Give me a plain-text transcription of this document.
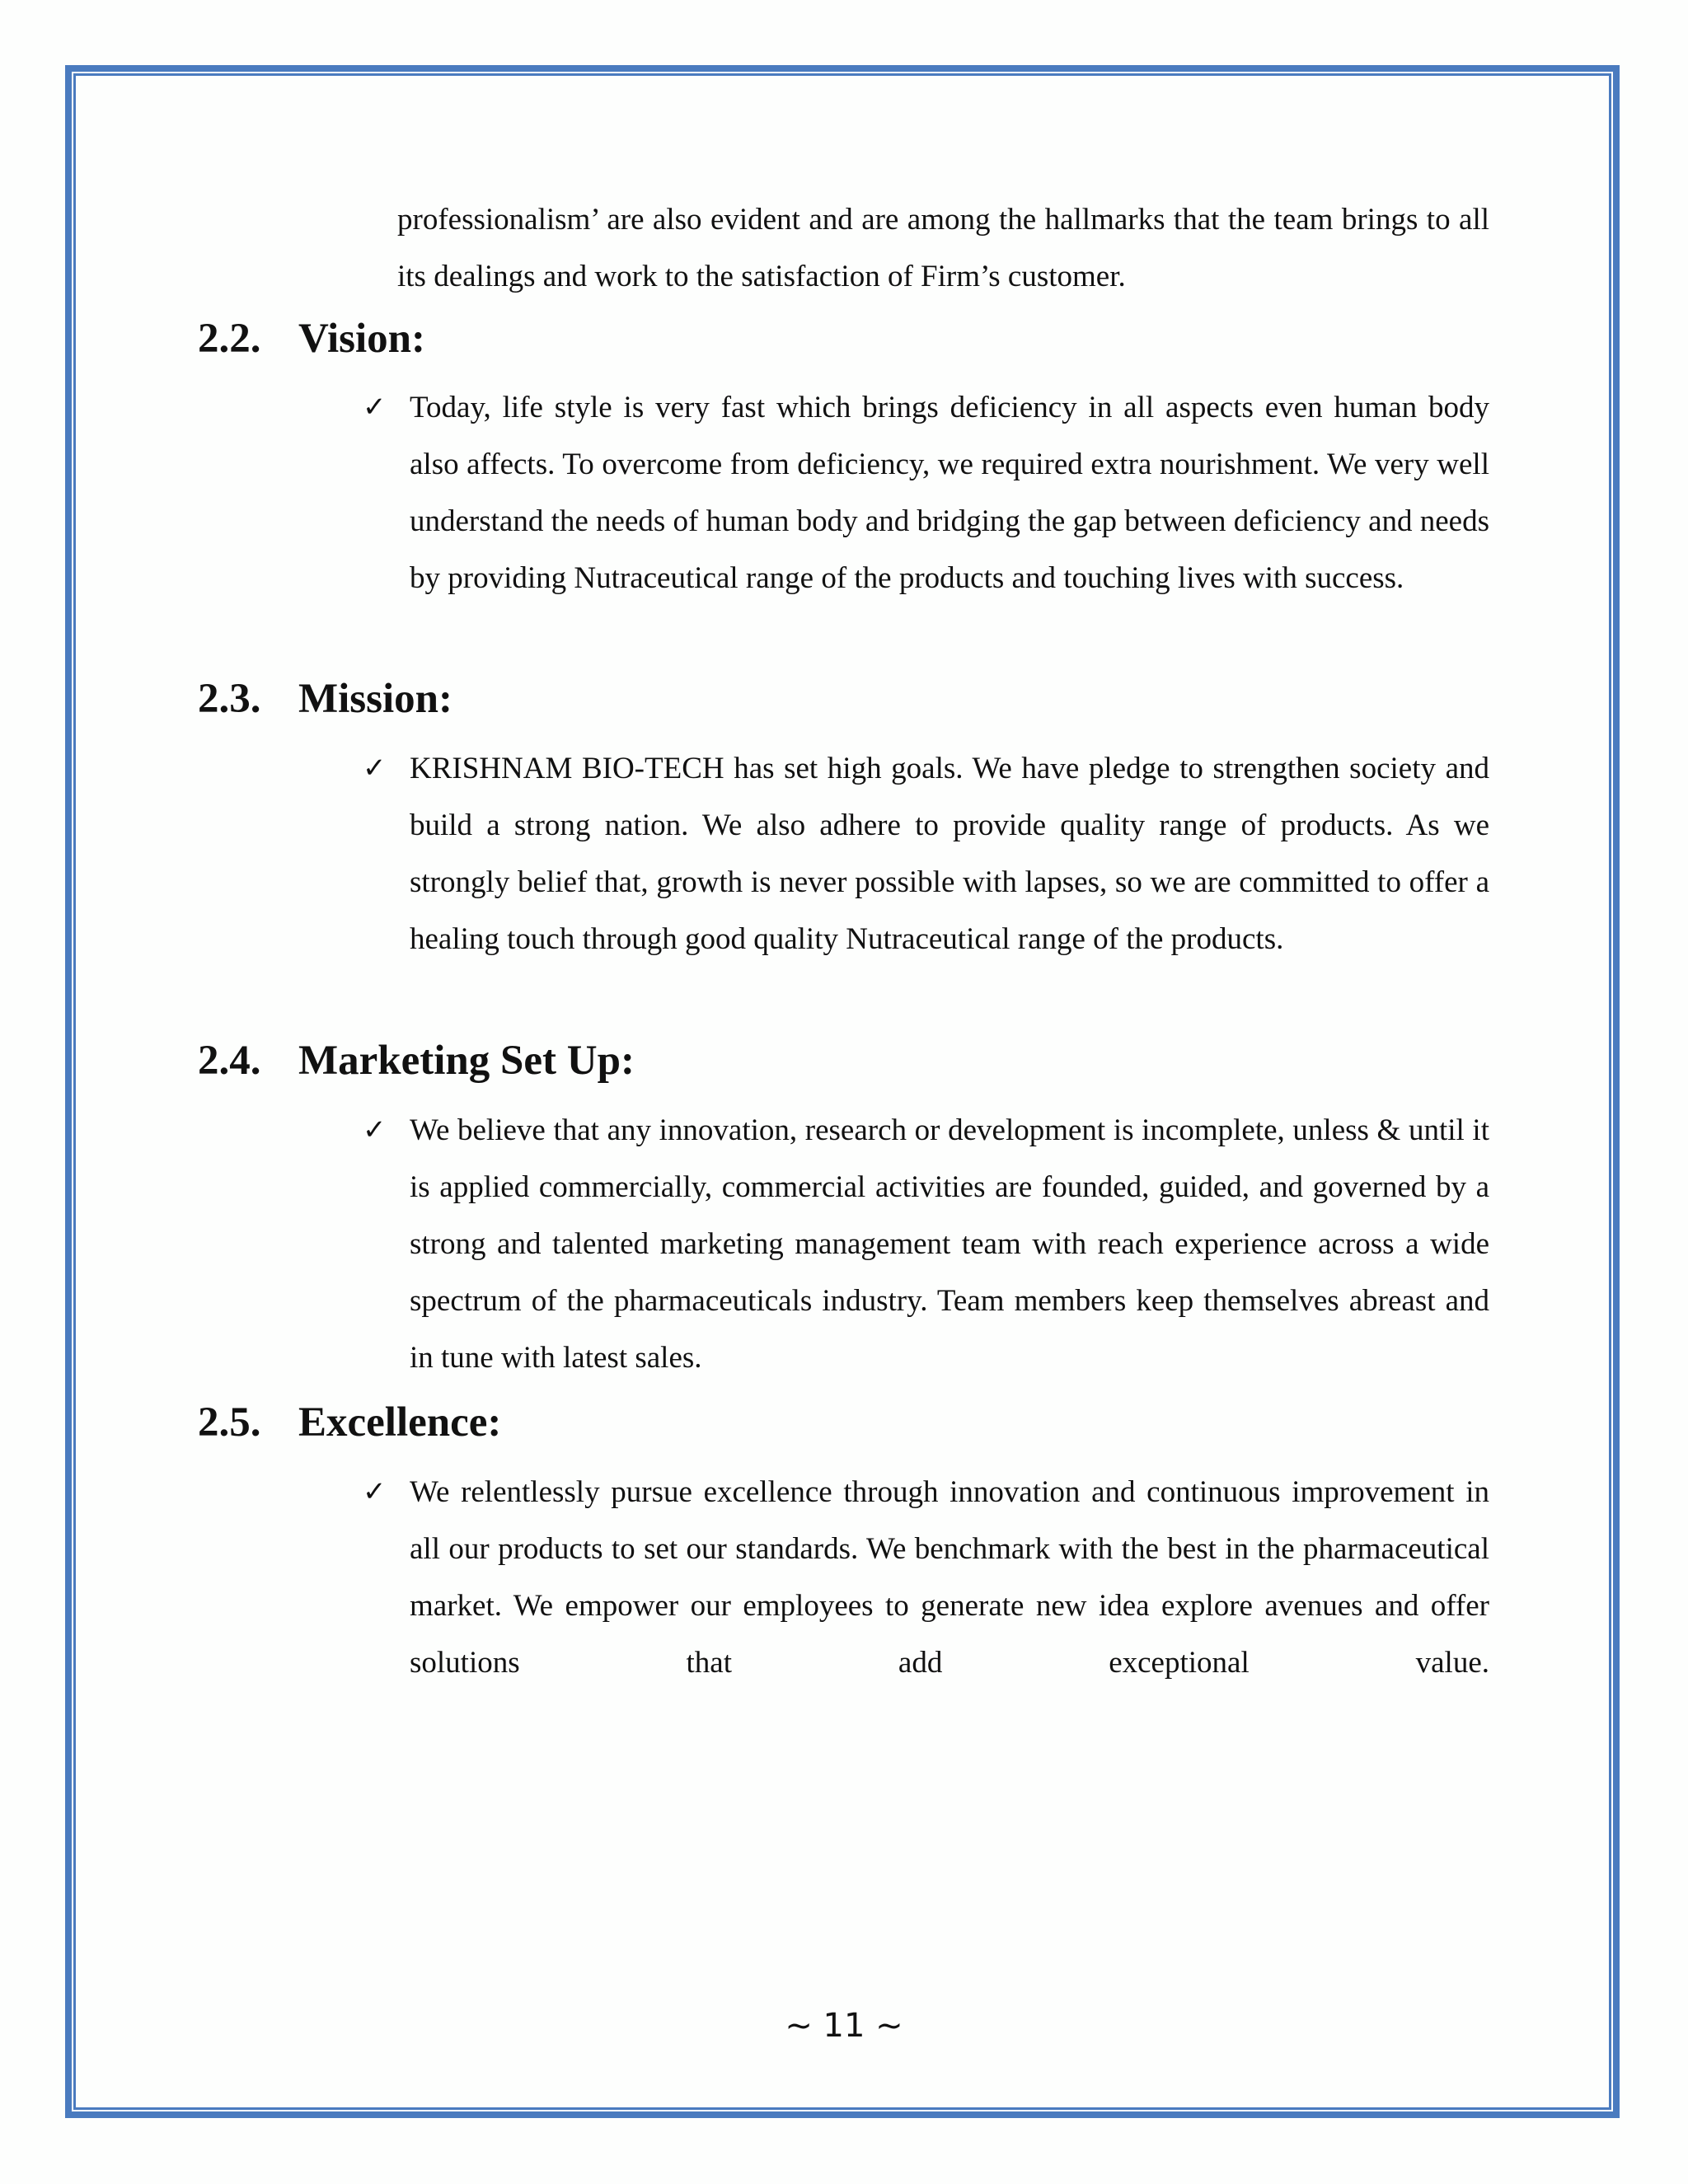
professionalism’ are also evident and are among the hallmarks that the team brings to all its dealings and work to the satisfaction of Firm’s customer.

2.2. Vision:
✓ Today, life style is very fast which brings deficiency in all aspects even human body also affects. To overcome from deficiency, we required extra nourishment. We very well understand the needs of human body and bridging the gap between deficiency and needs by providing Nutraceutical range of the products and touching lives with success.

2.3. Mission:
✓ KRISHNAM BIO-TECH has set high goals. We have pledge to strengthen society and build a strong nation. We also adhere to provide quality range of products. As we strongly belief that, growth is never possible with lapses, so we are committed to offer a healing touch through good quality Nutraceutical range of the products.

2.4. Marketing Set Up:
✓ We believe that any innovation, research or development is incomplete, unless & until it is applied commercially, commercial activities are founded, guided, and governed by a strong and talented marketing management team with reach experience across a wide spectrum of the pharmaceuticals industry. Team members keep themselves abreast and in tune with latest sales.

2.5. Excellence:
✓ We relentlessly pursue excellence through innovation and continuous improvement in all our products to set our standards. We benchmark with the best in the pharmaceutical market. We empower our employees to generate new idea explore avenues and offer solutions that add exceptional value.

~ 11 ~
